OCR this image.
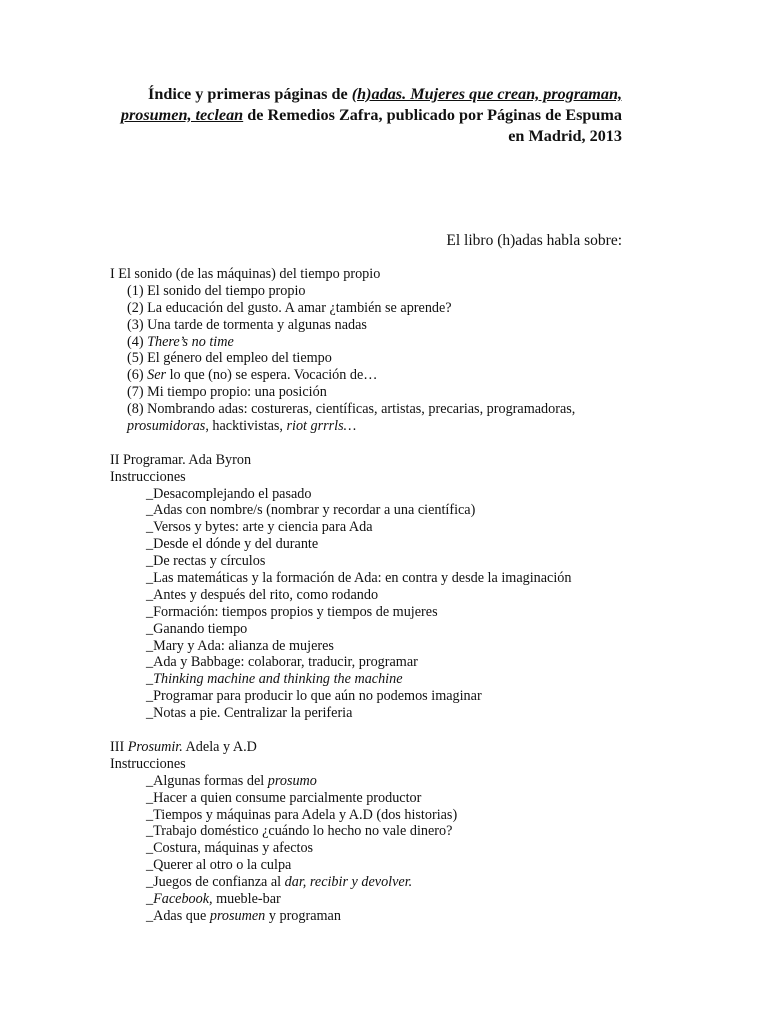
Índice y primeras páginas de (h)adas. Mujeres que crean, programan, prosumen, teclean de Remedios Zafra, publicado por Páginas de Espuma en Madrid, 2013
El libro (h)adas habla sobre:
I El sonido (de las máquinas) del tiempo propio
(1) El sonido del tiempo propio
(2) La educación del gusto. A amar ¿también se aprende?
(3) Una tarde de tormenta y algunas nadas
(4) There’s no time
(5) El género del empleo del tiempo
(6) Ser lo que (no) se espera. Vocación de…
(7) Mi tiempo propio: una posición
(8) Nombrando adas: costureras, científicas, artistas, precarias, programadoras,
prosumidoras, hacktivistas, riot grrrls…
II Programar. Ada Byron
Instrucciones
_Desacomplejando el pasado
_Adas con nombre/s (nombrar y recordar a una científica)
_Versos y bytes: arte y ciencia para Ada
_Desde el dónde y del durante
_De rectas y círculos
_Las matemáticas y la formación de Ada: en contra y desde la imaginación
_Antes y después del rito, como rodando
_Formación: tiempos propios y tiempos de mujeres
_Ganando tiempo
_Mary y Ada: alianza de mujeres
_Ada y Babbage: colaborar, traducir, programar
_Thinking machine and thinking the machine
_Programar para producir lo que aún no podemos imaginar
_Notas a pie. Centralizar la periferia
III Prosumir. Adela y A.D
Instrucciones
_Algunas formas del prosumo
_Hacer a quien consume parcialmente productor
_Tiempos y máquinas para Adela y A.D (dos historias)
_Trabajo doméstico ¿cuándo lo hecho no vale dinero?
_Costura, máquinas y afectos
_Querer al otro o la culpa
_Juegos de confianza al dar, recibir y devolver.
_Facebook, mueble-bar
_Adas que prosumen y programan
